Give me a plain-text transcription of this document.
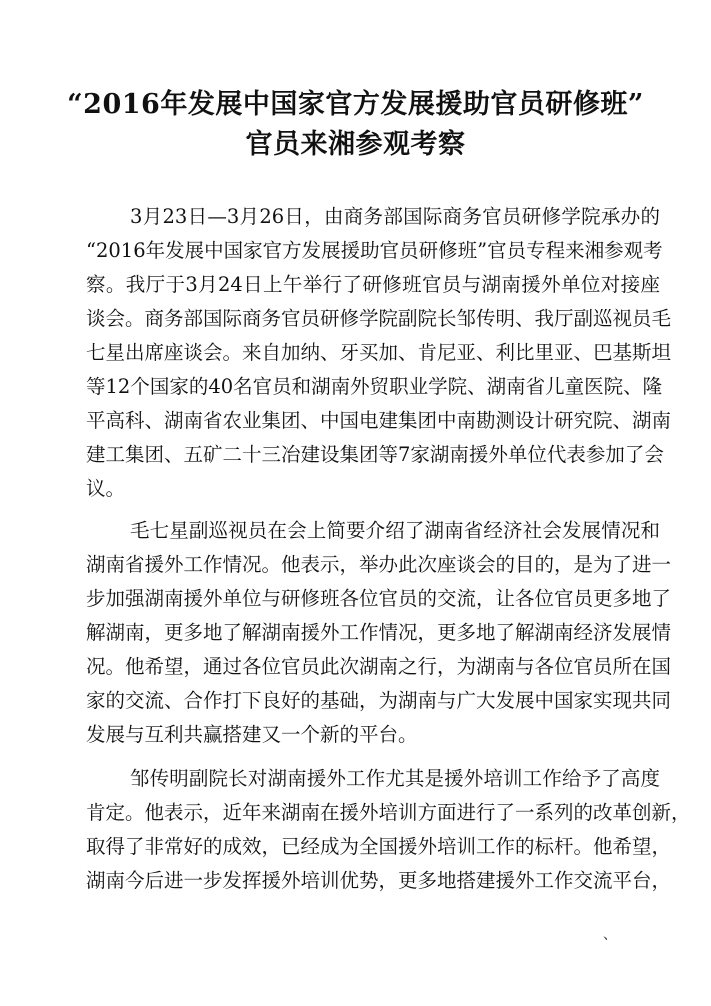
“2016年发展中国家官方发展援助官员研修班”
官员来湘参观考察
3月23日—3月26日，由商务部国际商务官员研修学院承办的
“2016年发展中国家官方发展援助官员研修班”官员专程来湘参观考
察。我厅于3月24日上午举行了研修班官员与湖南援外单位对接座
谈会。商务部国际商务官员研修学院副院长邹传明、我厅副巡视员毛
七星出席座谈会。来自加纳、牙买加、肯尼亚、利比里亚、巴基斯坦
等12个国家的40名官员和湖南外贸职业学院、湖南省儿童医院、隆
平高科、湖南省农业集团、中国电建集团中南勘测设计研究院、湖南
建工集团、五矿二十三冶建设集团等7家湖南援外单位代表参加了会
议。
毛七星副巡视员在会上简要介绍了湖南省经济社会发展情况和
湖南省援外工作情况。他表示，举办此次座谈会的目的，是为了进一
步加强湖南援外单位与研修班各位官员的交流，让各位官员更多地了
解湖南，更多地了解湖南援外工作情况，更多地了解湖南经济发展情
况。他希望，通过各位官员此次湖南之行，为湖南与各位官员所在国
家的交流、合作打下良好的基础，为湖南与广大发展中国家实现共同
发展与互利共赢搭建又一个新的平台。
邹传明副院长对湖南援外工作尤其是援外培训工作给予了高度
肯定。他表示，近年来湖南在援外培训方面进行了一系列的改革创新，
取得了非常好的成效，已经成为全国援外培训工作的标杆。他希望，
湖南今后进一步发挥援外培训优势，更多地搭建援外工作交流平台，
、
